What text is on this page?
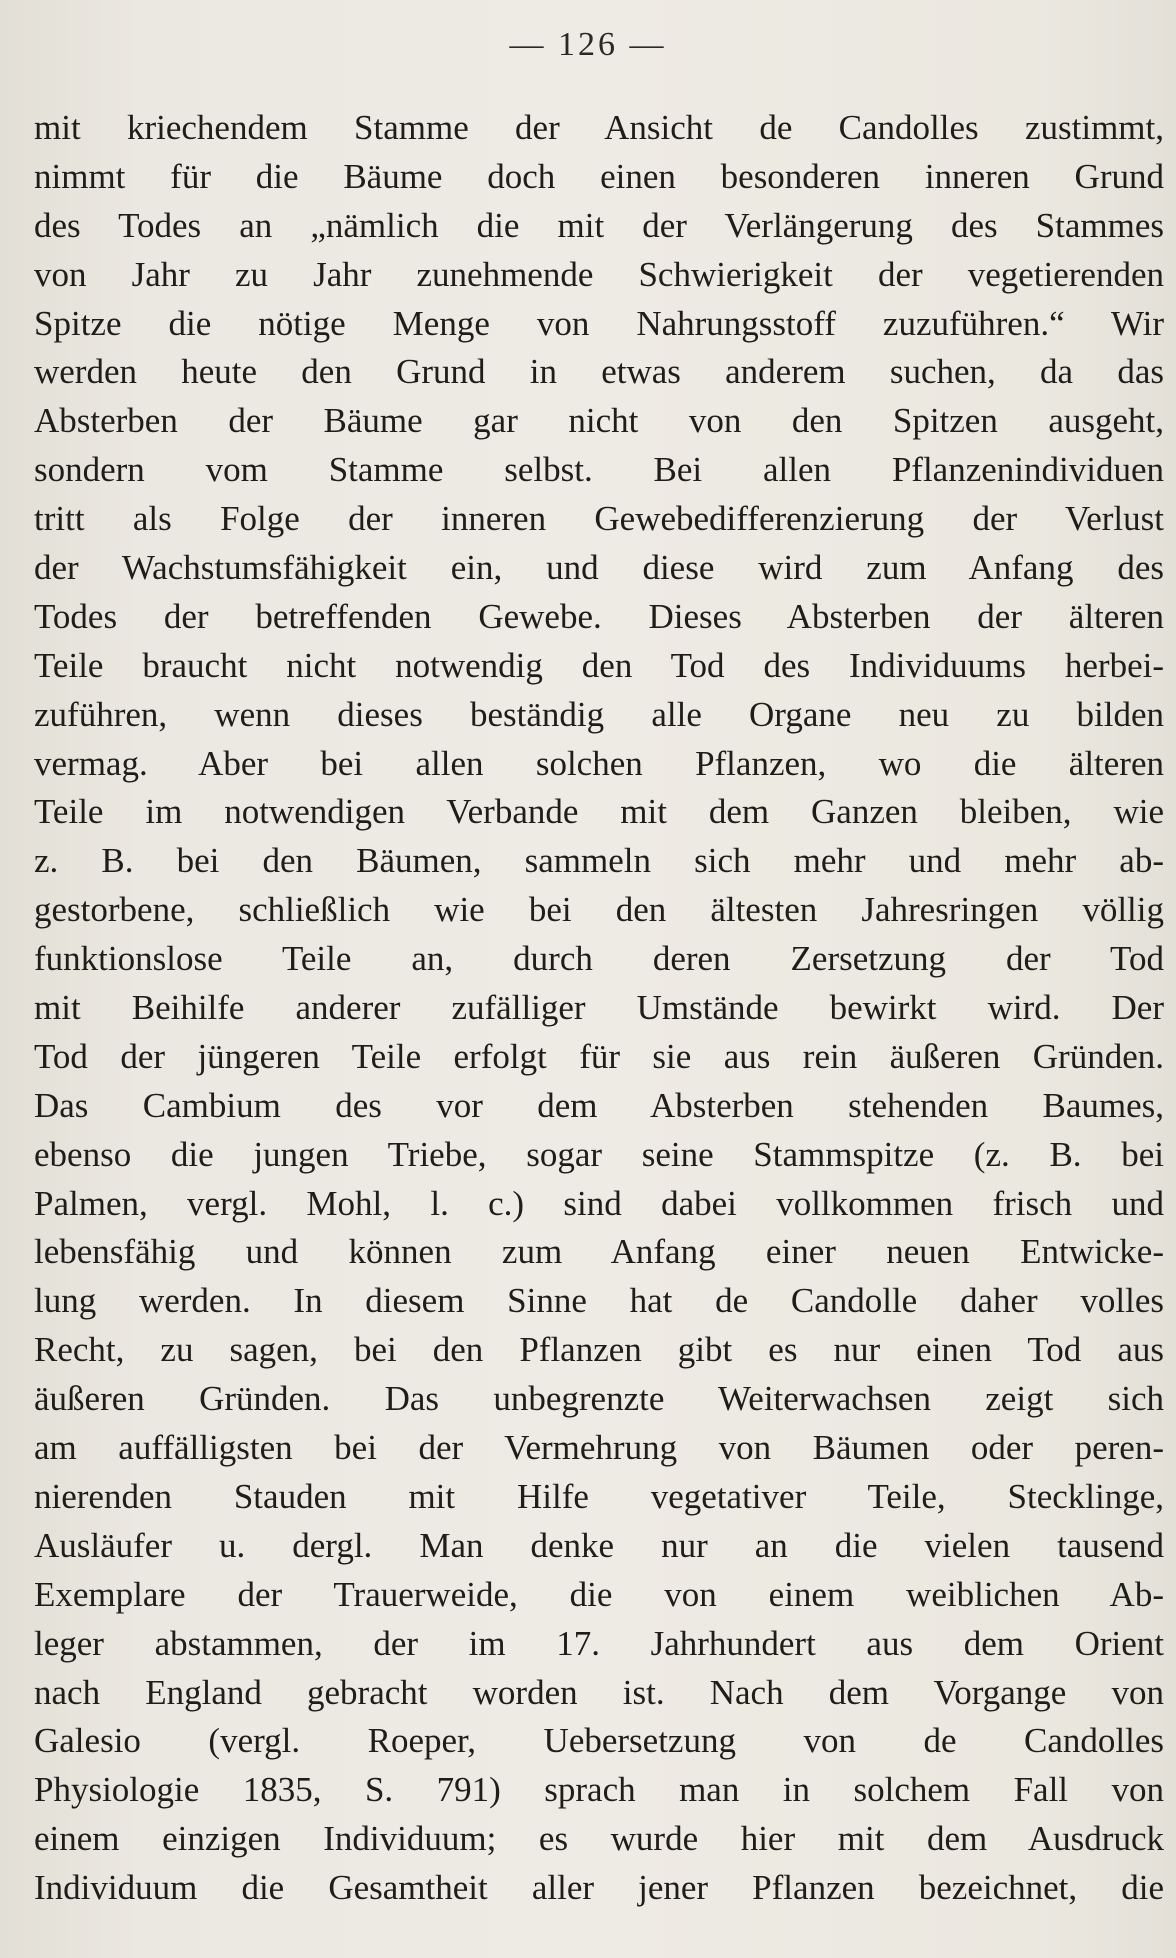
— 126 —
mit kriechendem Stamme der Ansicht de Candolles zustimmt,
nimmt für die Bäume doch einen besonderen inneren Grund
des Todes an „nämlich die mit der Verlängerung des Stammes
von Jahr zu Jahr zunehmende Schwierigkeit der vegetierenden
Spitze die nötige Menge von Nahrungsstoff zuzuführen.“ Wir
werden heute den Grund in etwas anderem suchen, da das
Absterben der Bäume gar nicht von den Spitzen ausgeht,
sondern vom Stamme selbst. Bei allen Pflanzenindividuen
tritt als Folge der inneren Gewebedifferenzierung der Verlust
der Wachstumsfähigkeit ein, und diese wird zum Anfang des
Todes der betreffenden Gewebe. Dieses Absterben der älteren
Teile braucht nicht notwendig den Tod des Individuums herbei-
zuführen, wenn dieses beständig alle Organe neu zu bilden
vermag. Aber bei allen solchen Pflanzen, wo die älteren
Teile im notwendigen Verbande mit dem Ganzen bleiben, wie
z. B. bei den Bäumen, sammeln sich mehr und mehr ab-
gestorbene, schließlich wie bei den ältesten Jahresringen völlig
funktionslose Teile an, durch deren Zersetzung der Tod
mit Beihilfe anderer zufälliger Umstände bewirkt wird. Der
Tod der jüngeren Teile erfolgt für sie aus rein äußeren Gründen.
Das Cambium des vor dem Absterben stehenden Baumes,
ebenso die jungen Triebe, sogar seine Stammspitze (z. B. bei
Palmen, vergl. Mohl, l. c.) sind dabei vollkommen frisch und
lebensfähig und können zum Anfang einer neuen Entwicke-
lung werden. In diesem Sinne hat de Candolle daher volles
Recht, zu sagen, bei den Pflanzen gibt es nur einen Tod aus
äußeren Gründen. Das unbegrenzte Weiterwachsen zeigt sich
am auffälligsten bei der Vermehrung von Bäumen oder peren-
nierenden Stauden mit Hilfe vegetativer Teile, Stecklinge,
Ausläufer u. dergl. Man denke nur an die vielen tausend
Exemplare der Trauerweide, die von einem weiblichen Ab-
leger abstammen, der im 17. Jahrhundert aus dem Orient
nach England gebracht worden ist. Nach dem Vorgange von
Galesio (vergl. Roeper, Uebersetzung von de Candolles
Physiologie 1835, S. 791) sprach man in solchem Fall von
einem einzigen Individuum; es wurde hier mit dem Ausdruck
Individuum die Gesamtheit aller jener Pflanzen bezeichnet, die
